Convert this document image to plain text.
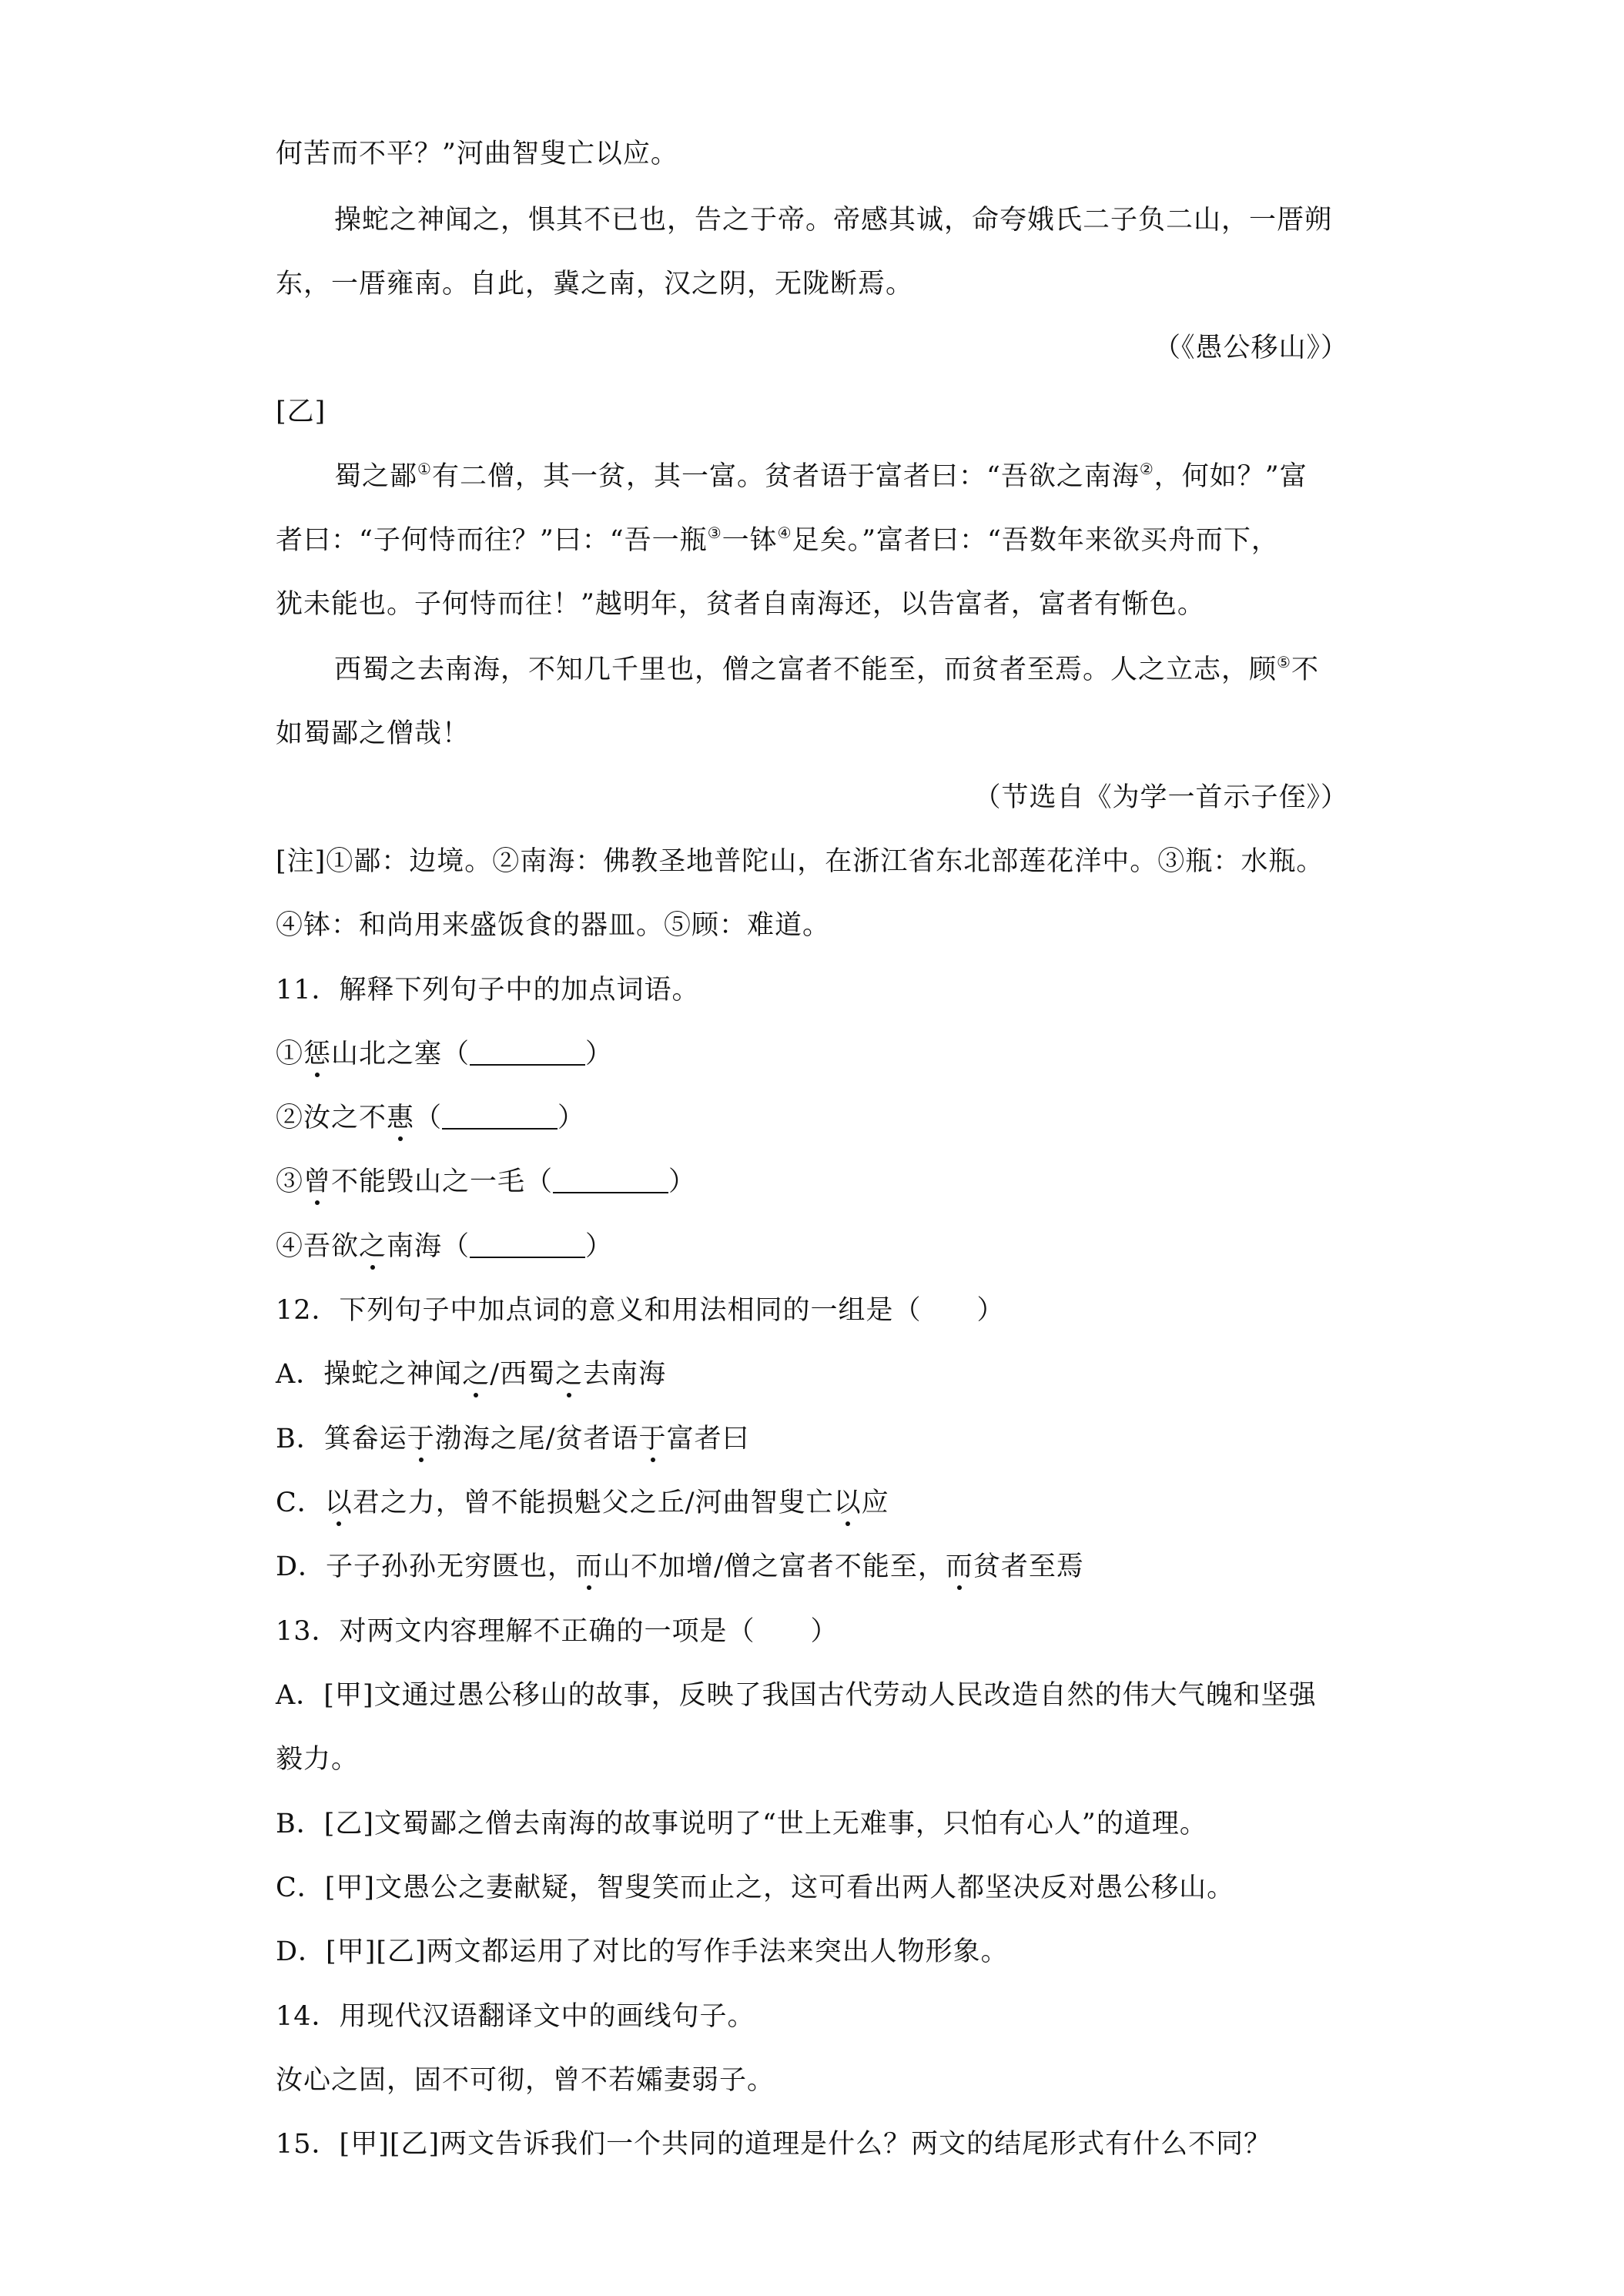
何苦而不平？”河曲智叟亡以应。
操蛇之神闻之，惧其不已也，告之于帝。帝感其诚，命夸娥氏二子负二山，一厝朔
东，一厝雍南。自此，冀之南，汉之阴，无陇断焉。
（《愚公移山》）
[乙]
蜀之鄙①有二僧，其一贫，其一富。贫者语于富者曰：“吾欲之南海②，何如？”富
者曰：“子何恃而往？”曰：“吾一瓶③一钵④足矣。”富者曰：“吾数年来欲买舟而下，
犹未能也。子何恃而往！”越明年，贫者自南海还，以告富者，富者有惭色。
西蜀之去南海，不知几千里也，僧之富者不能至，而贫者至焉。人之立志，顾⑤不
如蜀鄙之僧哉！
（节选自《为学一首示子侄》）
[注]①鄙：边境。②南海：佛教圣地普陀山，在浙江省东北部莲花洋中。③瓶：水瓶。
④钵：和尚用来盛饭食的器皿。⑤顾：难道。
11．解释下列句子中的加点词语。
①惩山北之塞（	）
②汝之不惠（	）
③曾不能毁山之一毛（	）
④吾欲之南海（	）
12．下列句子中加点词的意义和用法相同的一组是（　　）
A．操蛇之神闻之/西蜀之去南海
B．箕畚运于渤海之尾/贫者语于富者曰
C．以君之力，曾不能损魁父之丘/河曲智叟亡以应
D．子子孙孙无穷匮也，而山不加增/僧之富者不能至，而贫者至焉
13．对两文内容理解不正确的一项是（　　）
A．[甲]文通过愚公移山的故事，反映了我国古代劳动人民改造自然的伟大气魄和坚强
毅力。
B．[乙]文蜀鄙之僧去南海的故事说明了“世上无难事，只怕有心人”的道理。
C．[甲]文愚公之妻献疑，智叟笑而止之，这可看出两人都坚决反对愚公移山。
D．[甲][乙]两文都运用了对比的写作手法来突出人物形象。
14．用现代汉语翻译文中的画线句子。
汝心之固，固不可彻，曾不若孀妻弱子。
15．[甲][乙]两文告诉我们一个共同的道理是什么？两文的结尾形式有什么不同？
